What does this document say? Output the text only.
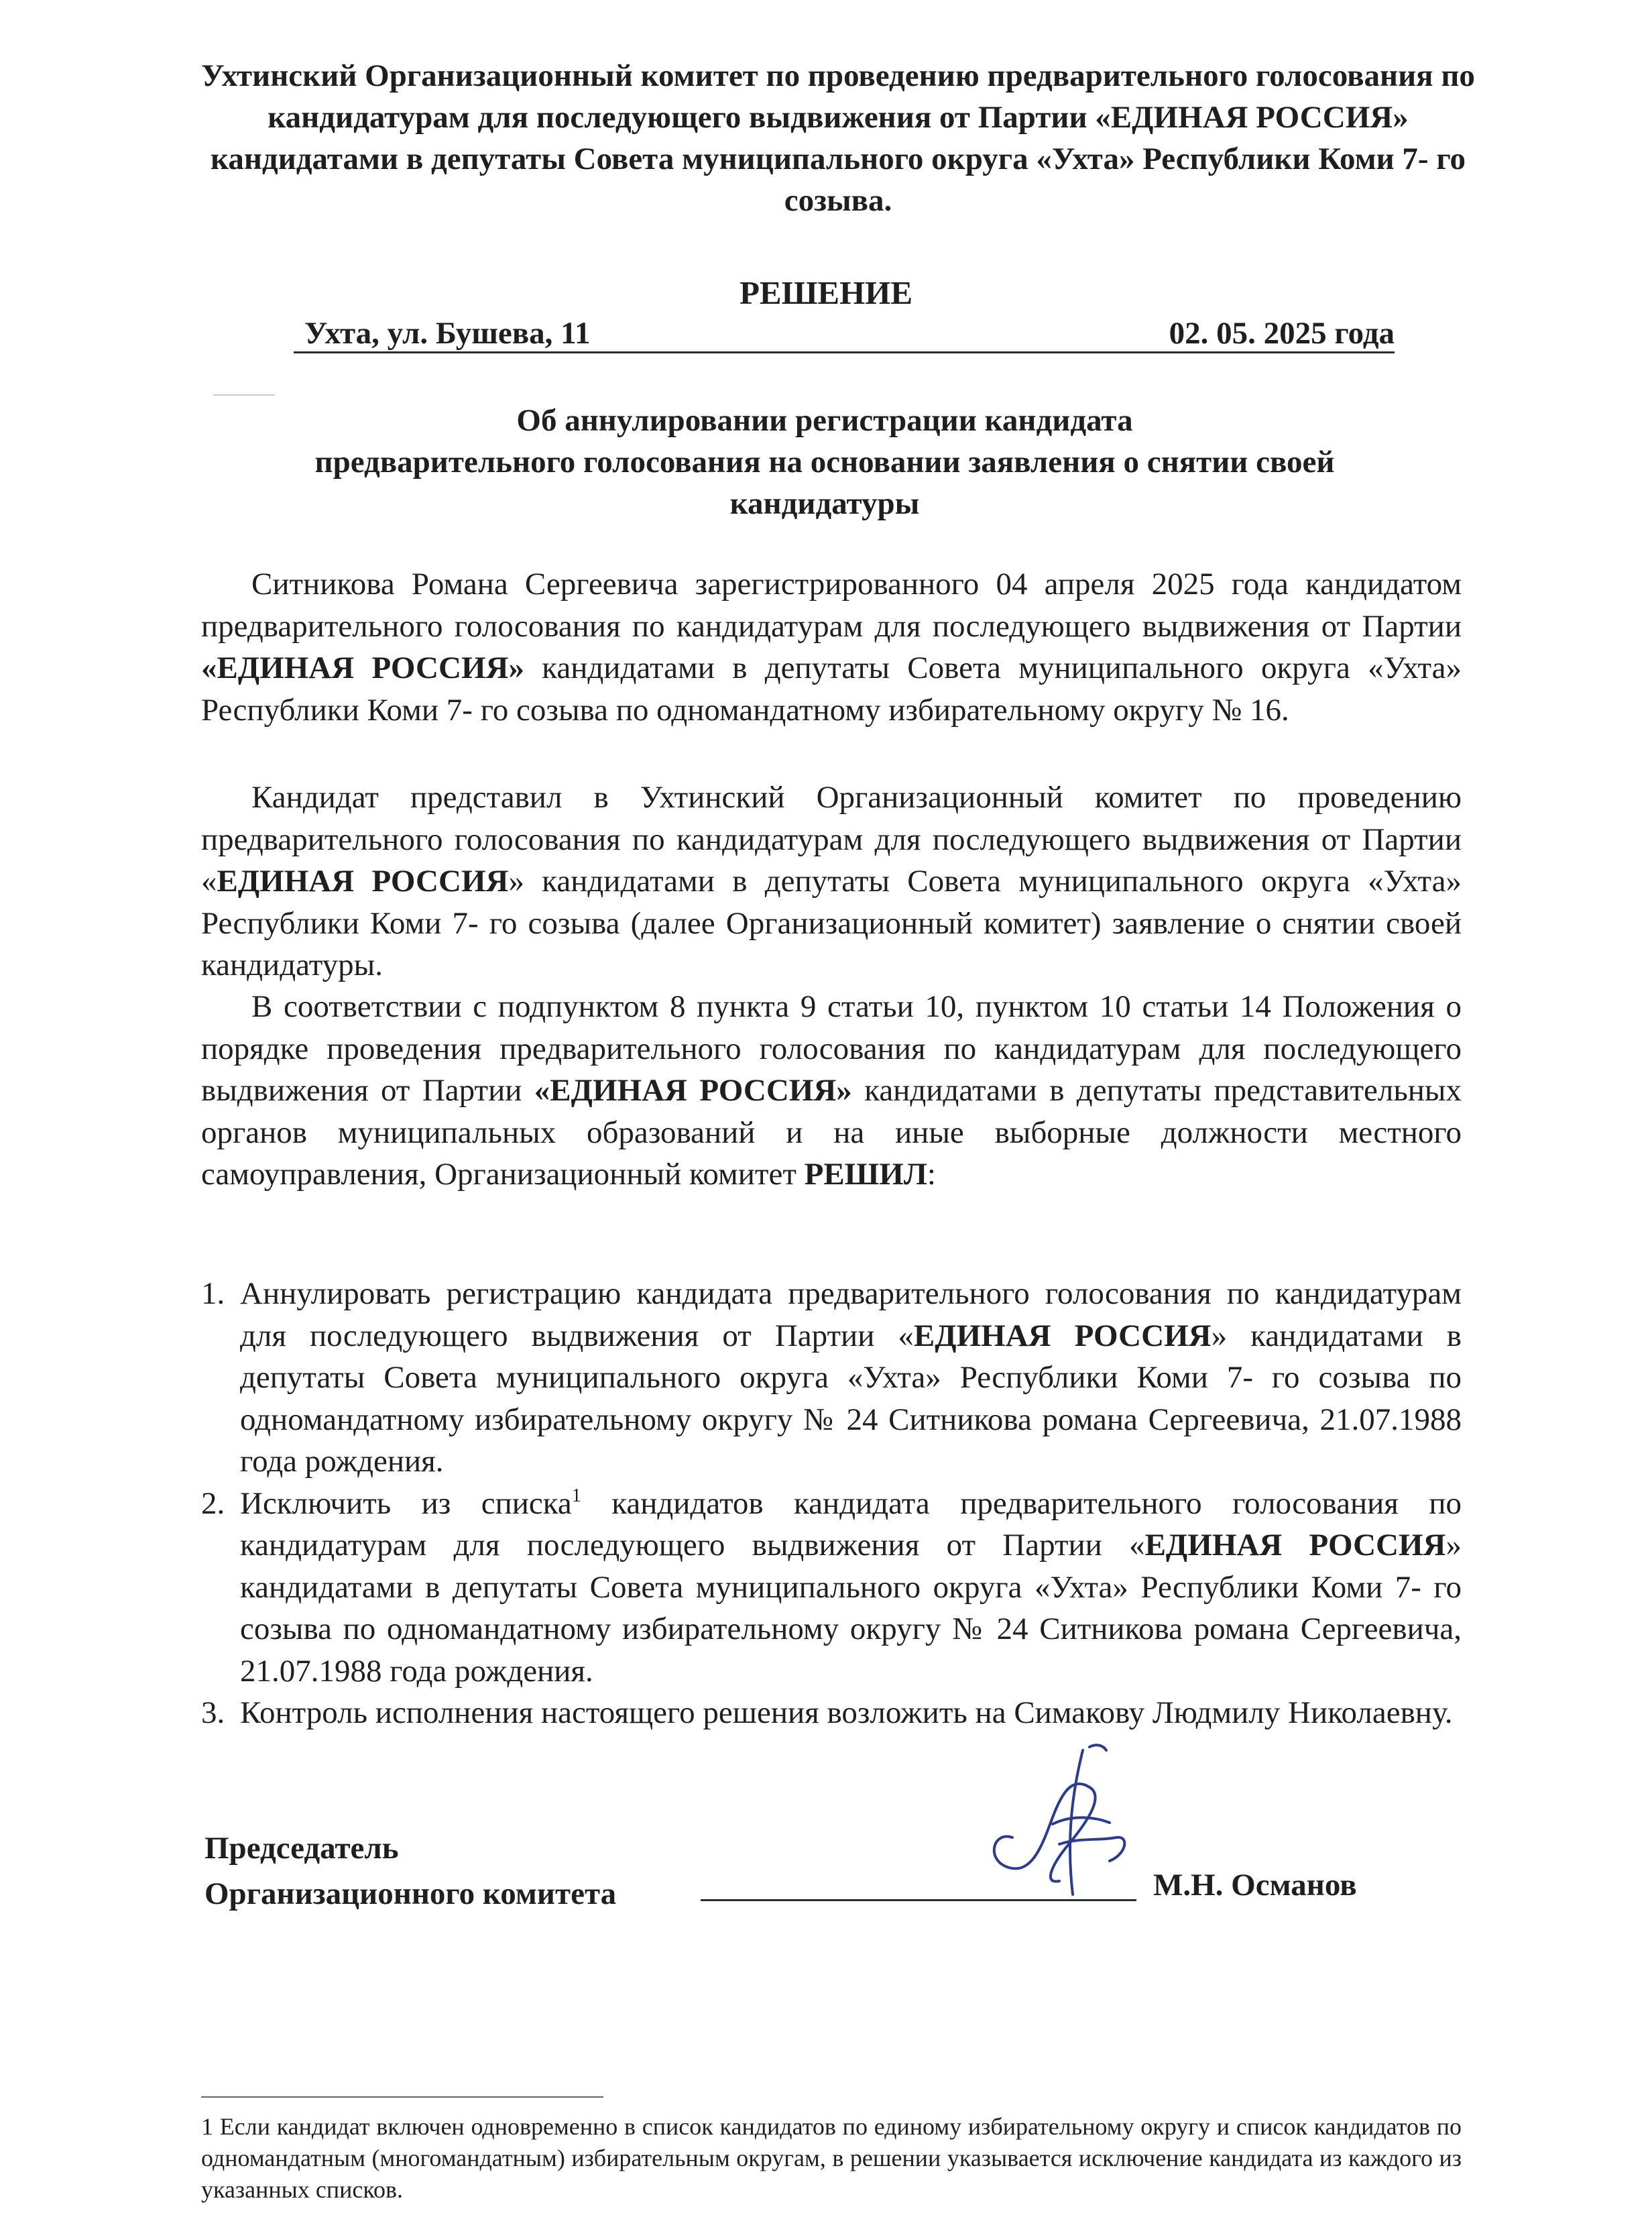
Ухтинский Организационный комитет по проведению предварительного голосования по кандидатурам для последующего выдвижения от Партии «ЕДИНАЯ РОССИЯ» кандидатами в депутаты Совета муниципального округа «Ухта» Республики Коми 7- го созыва.
РЕШЕНИЕ
Ухта, ул. Бушева, 11	02. 05. 2025 года
Об аннулировании регистрации кандидата
предварительного голосования на основании заявления о снятии своей
кандидатуры
Ситникова Романа Сергеевича зарегистрированного 04 апреля 2025 года кандидатом предварительного голосования по кандидатурам для последующего выдвижения от Партии «ЕДИНАЯ РОССИЯ» кандидатами в депутаты Совета муниципального округа «Ухта» Республики Коми 7- го созыва по одномандатному избирательному округу № 16.
Кандидат представил в Ухтинский Организационный комитет по проведению предварительного голосования по кандидатурам для последующего выдвижения от Партии «ЕДИНАЯ РОССИЯ» кандидатами в депутаты Совета муниципального округа «Ухта» Республики Коми 7- го созыва (далее Организационный комитет) заявление о снятии своей кандидатуры.
В соответствии с подпунктом 8 пункта 9 статьи 10, пунктом 10 статьи 14 Положения о порядке проведения предварительного голосования по кандидатурам для последующего выдвижения от Партии «ЕДИНАЯ РОССИЯ» кандидатами в депутаты представительных органов муниципальных образований и на иные выборные должности местного самоуправления, Организационный комитет РЕШИЛ:
1. Аннулировать регистрацию кандидата предварительного голосования по кандидатурам для последующего выдвижения от Партии «ЕДИНАЯ РОССИЯ» кандидатами в депутаты Совета муниципального округа «Ухта» Республики Коми 7- го созыва по одномандатному избирательному округу № 24 Ситникова романа Сергеевича, 21.07.1988 года рождения.
2. Исключить из списка$^1$ кандидатов кандидата предварительного голосования по кандидатурам для последующего выдвижения от Партии «ЕДИНАЯ РОССИЯ» кандидатами в депутаты Совета муниципального округа «Ухта» Республики Коми 7- го созыва по одномандатному избирательному округу № 24 Ситникова романа Сергеевича, 21.07.1988 года рождения.
3. Контроль исполнения настоящего решения возложить на Симакову Людмилу Николаевну.
Председатель
Организационного комитета	М.Н. Османов
1 Если кандидат включен одновременно в список кандидатов по единому избирательному округу и список кандидатов по одномандатным (многомандатным) избирательным округам, в решении указывается исключение кандидата из каждого из указанных списков.
